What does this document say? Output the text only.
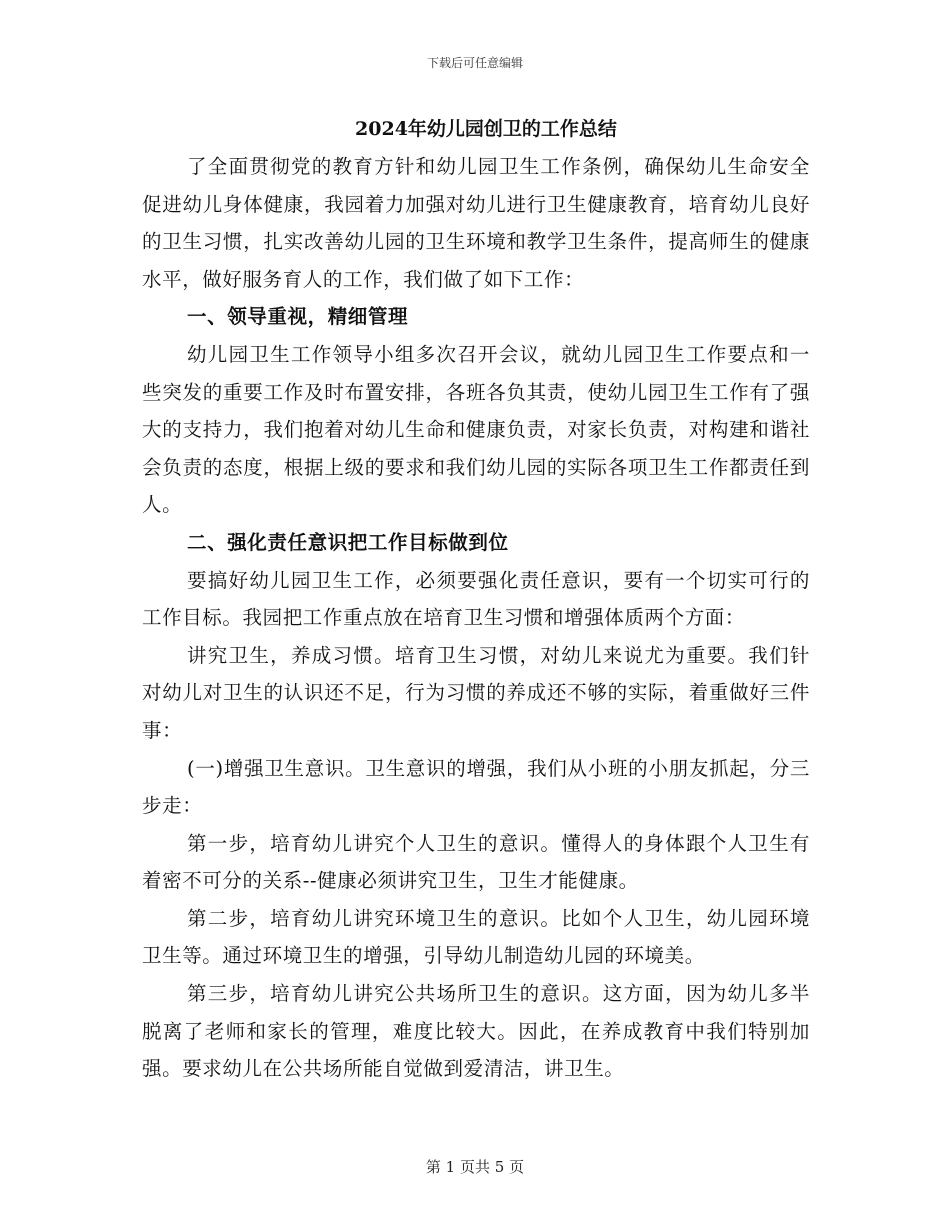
下载后可任意编辑
2024年幼儿园创卫的工作总结

了全面贯彻党的教育方针和幼儿园卫生工作条例，确保幼儿生命安全促进幼儿身体健康，我园着力加强对幼儿进行卫生健康教育，培育幼儿良好的卫生习惯，扎实改善幼儿园的卫生环境和教学卫生条件，提高师生的健康水平，做好服务育人的工作，我们做了如下工作：

一、领导重视，精细管理

幼儿园卫生工作领导小组多次召开会议，就幼儿园卫生工作要点和一些突发的重要工作及时布置安排，各班各负其责，使幼儿园卫生工作有了强大的支持力，我们抱着对幼儿生命和健康负责，对家长负责，对构建和谐社会负责的态度，根据上级的要求和我们幼儿园的实际各项卫生工作都责任到人。

二、强化责任意识把工作目标做到位

要搞好幼儿园卫生工作，必须要强化责任意识，要有一个切实可行的工作目标。我园把工作重点放在培育卫生习惯和增强体质两个方面：

讲究卫生，养成习惯。培育卫生习惯，对幼儿来说尤为重要。我们针对幼儿对卫生的认识还不足，行为习惯的养成还不够的实际，着重做好三件事：

(一)增强卫生意识。卫生意识的增强，我们从小班的小朋友抓起，分三步走：

第一步，培育幼儿讲究个人卫生的意识。懂得人的身体跟个人卫生有着密不可分的关系--健康必须讲究卫生，卫生才能健康。

第二步，培育幼儿讲究环境卫生的意识。比如个人卫生，幼儿园环境卫生等。通过环境卫生的增强，引导幼儿制造幼儿园的环境美。

第三步，培育幼儿讲究公共场所卫生的意识。这方面，因为幼儿多半脱离了老师和家长的管理，难度比较大。因此，在养成教育中我们特别加强。要求幼儿在公共场所能自觉做到爱清洁，讲卫生。

第 1 页共 5 页
